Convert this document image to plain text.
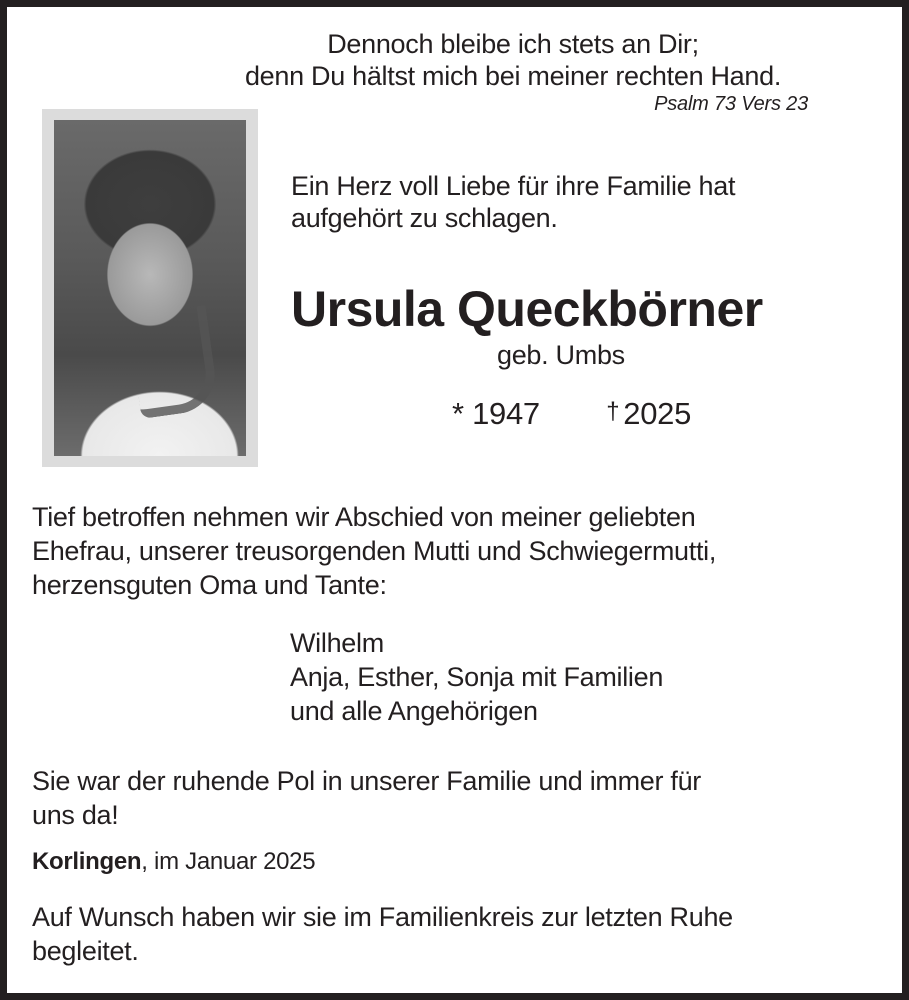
Dennoch bleibe ich stets an Dir;
denn Du hältst mich bei meiner rechten Hand.
Psalm 73 Vers 23
Ein Herz voll Liebe für ihre Familie hat
aufgehört zu schlagen.
Ursula Queckbörner
geb. Umbs
* 1947	† 2025
Tief betroffen nehmen wir Abschied von meiner geliebten
Ehefrau, unserer treusorgenden Mutti und Schwiegermutti,
herzensguten Oma und Tante:
Wilhelm
Anja, Esther, Sonja mit Familien
und alle Angehörigen
Sie war der ruhende Pol in unserer Familie und immer für
uns da!
Korlingen, im Januar 2025
Auf Wunsch haben wir sie im Familienkreis zur letzten Ruhe
begleitet.
